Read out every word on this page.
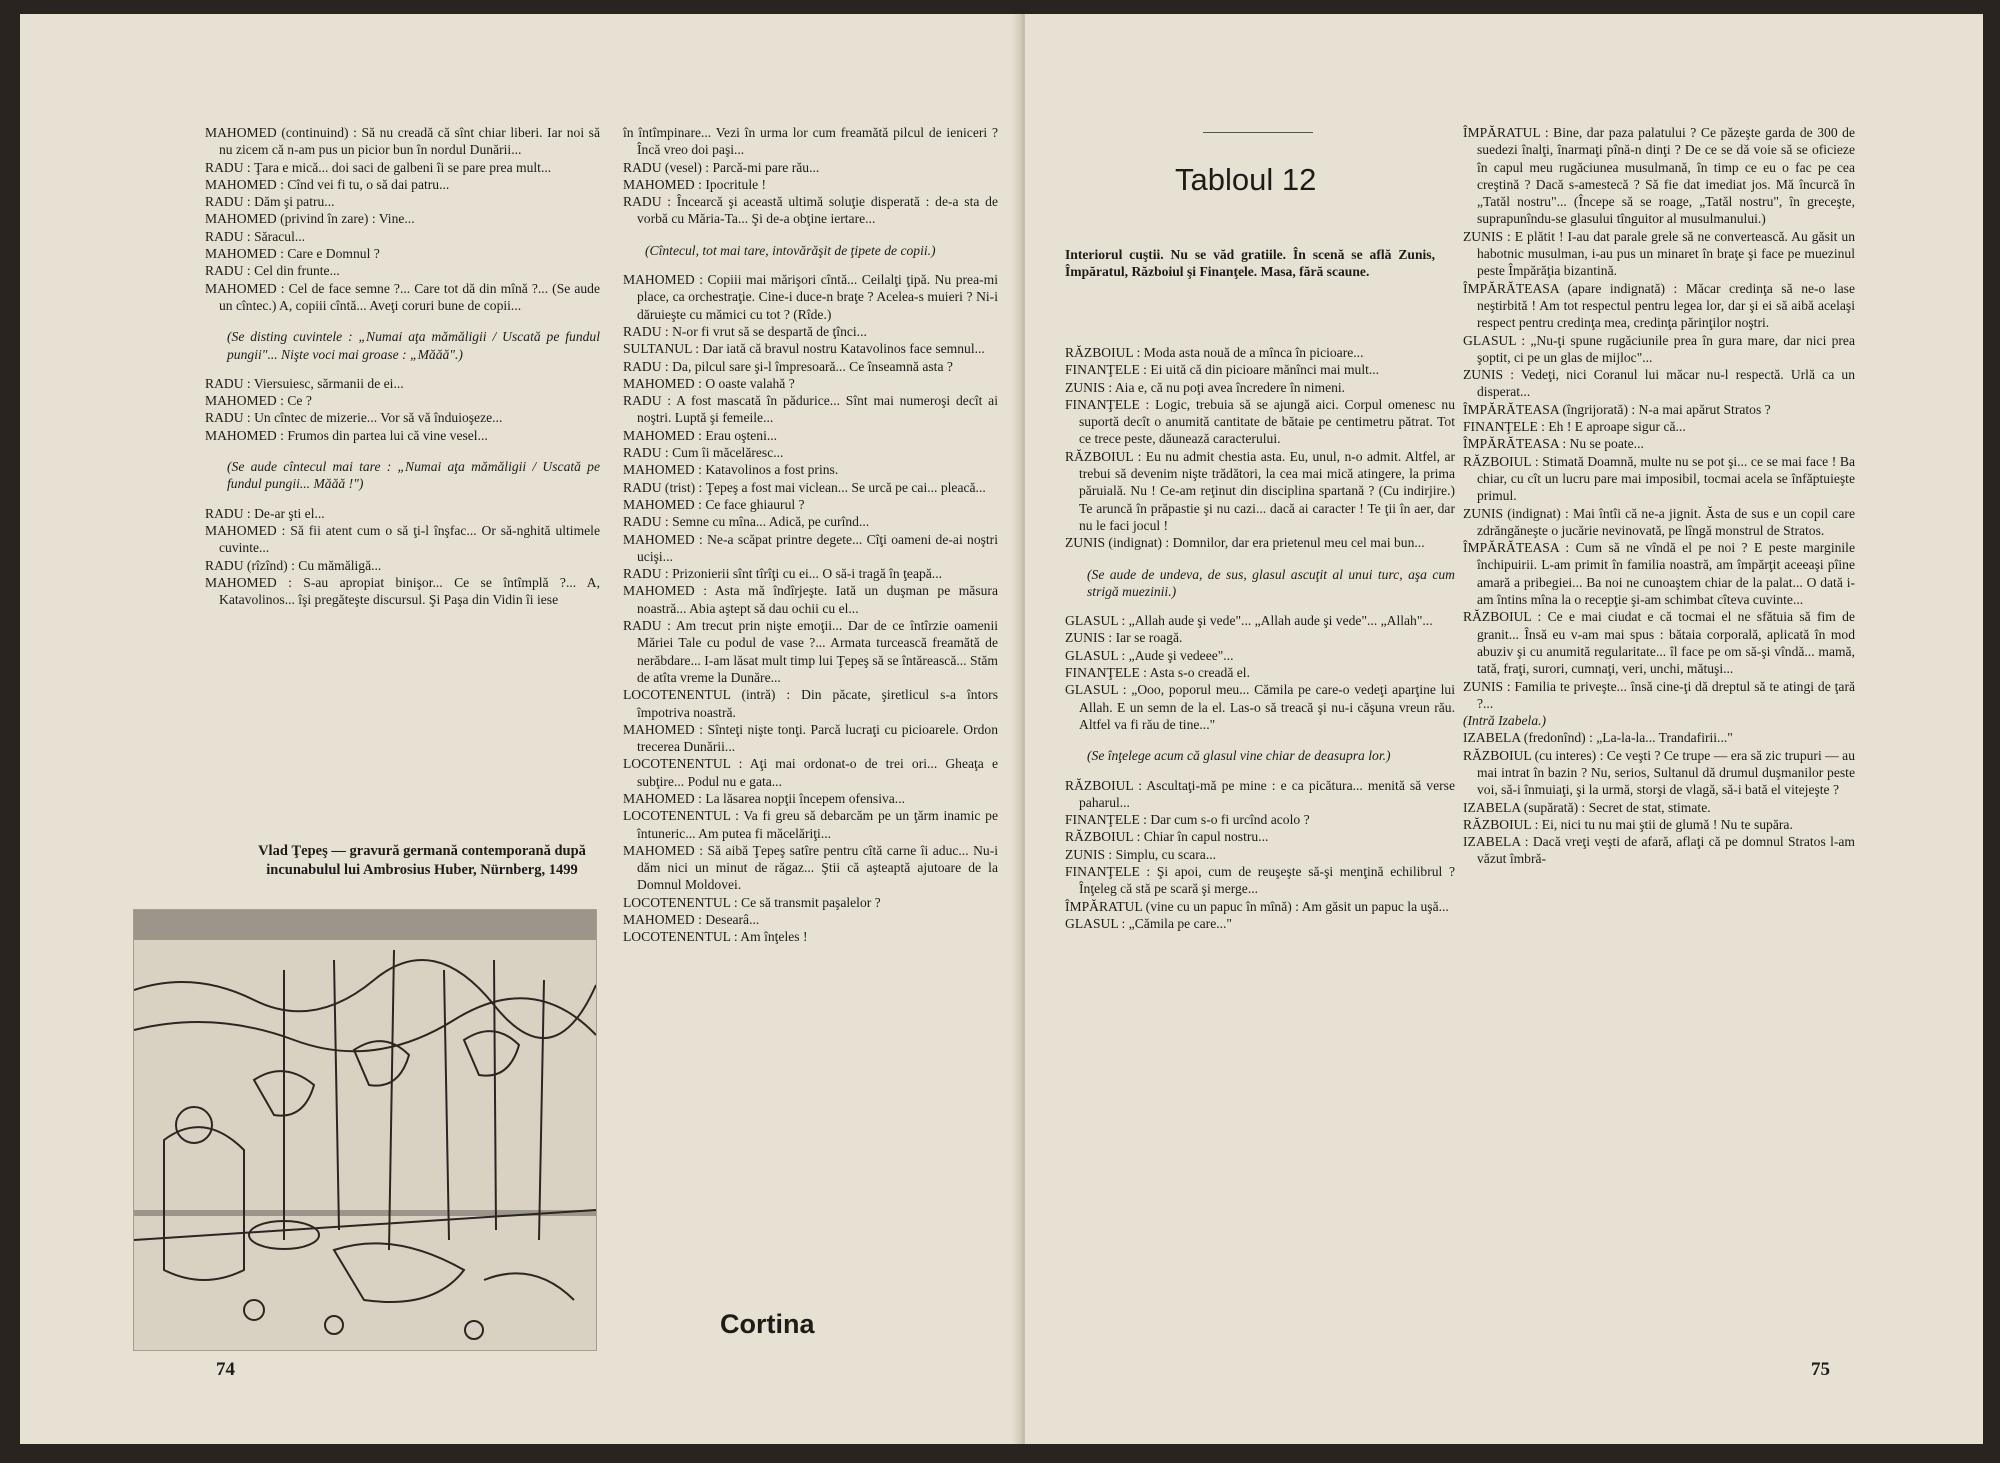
MAHOMED (continuind) : Să nu creadă că sînt chiar liberi. Iar noi să nu zicem că n-am pus un picior bun în nordul Dunării...

RADU : Ţara e mică... doi saci de galbeni îi se pare prea mult...

MAHOMED : Cînd vei fi tu, o să dai patru...

RADU : Dăm şi patru...

MAHOMED (privind în zare) : Vine...

RADU : Săracul...

MAHOMED : Care e Domnul ?

RADU : Cel din frunte...

MAHOMED : Cel de face semne ?... Care tot dă din mînă ?... (Se aude un cîntec.) A, copiii cîntă... Aveţi coruri bune de copii...

(Se disting cuvintele : „Numai aţa mămăligii / Uscată pe fundul pungii"... Nişte voci mai groase : „Măăă".)

RADU : Viersuiesc, sărmanii de ei...

MAHOMED : Ce ?

RADU : Un cîntec de mizerie... Vor să vă înduioşeze...

MAHOMED : Frumos din partea lui că vine vesel...

(Se aude cîntecul mai tare : „Numai aţa mămăligii / Uscată pe fundul pungii... Măăă !")

RADU : De-ar şti el...

MAHOMED : Să fii atent cum o să ţi-l înşfac... Or să-nghită ultimele cuvinte...

RADU (rîzînd) : Cu mămăligă...

MAHOMED : S-au apropiat binişor... Ce se întîmplă ?... A, Katavolinos... îşi pregăteşte discursul. Şi Paşa din Vidin îi iese

Vlad Ţepeş — gravură germană contemporană după incunabulul lui Ambrosius Huber, Nürnberg, 1499

în întîmpinare... Vezi în urma lor cum freamătă pilcul de ieniceri ? Încă vreo doi paşi...

RADU (vesel) : Parcă-mi pare rău...

MAHOMED : Ipocritule !

RADU : Încearcă şi această ultimă soluţie disperată : de-a sta de vorbă cu Măria-Ta... Şi de-a obţine iertare...

(Cîntecul, tot mai tare, intovărăşit de ţipete de copii.)

MAHOMED : Copiii mai mărişori cîntă... Ceilalţi ţipă. Nu prea-mi place, ca orchestraţie. Cine-i duce-n braţe ? Acelea-s muieri ? Ni-i dăruieşte cu mămici cu tot ? (Rîde.)

RADU : N-or fi vrut să se despartă de ţînci...

SULTANUL : Dar iată că bravul nostru Katavolinos face semnul...

RADU : Da, pilcul sare şi-l împresoară... Ce înseamnă asta ?

MAHOMED : O oaste valahă ?

RADU : A fost mascată în pădurice... Sînt mai numeroşi decît ai noştri. Luptă şi femeile...

MAHOMED : Erau oşteni...

RADU : Cum îi măcelăresc...

MAHOMED : Katavolinos a fost prins.

RADU (trist) : Ţepeş a fost mai viclean... Se urcă pe cai... pleacă...

MAHOMED : Ce face ghiaurul ?

RADU : Semne cu mîna... Adică, pe curînd...

MAHOMED : Ne-a scăpat printre degete... Cîţi oameni de-ai noştri ucişi...

RADU : Prizonierii sînt tîrîţi cu ei... O să-i tragă în ţeapă...

MAHOMED : Asta mă îndîrjeşte. Iată un duşman pe măsura noastră... Abia aştept să dau ochii cu el...

RADU : Am trecut prin nişte emoţii... Dar de ce întîrzie oamenii Măriei Tale cu podul de vase ?... Armata turcească freamătă de nerăbdare... I-am lăsat mult timp lui Ţepeş să se întărească... Stăm de atîta vreme la Dunăre...

LOCOTENENTUL (intră) : Din păcate, şiretlicul s-a întors împotriva noastră.

MAHOMED : Sînteţi nişte tonţi. Parcă lucraţi cu picioarele. Ordon trecerea Dunării...

LOCOTENENTUL : Aţi mai ordonat-o de trei ori... Gheaţa e subţire... Podul nu e gata...

MAHOMED : La lăsarea nopţii începem ofensiva...

LOCOTENENTUL : Va fi greu să debarcăm pe un ţărm inamic pe întuneric... Am putea fi măcelăriţi...

MAHOMED : Să aibă Ţepeş satîre pentru cîtă carne îi aduc... Nu-i dăm nici un minut de răgaz... Ştii că aşteaptă ajutoare de la Domnul Moldovei.

LOCOTENENTUL : Ce să transmit paşalelor ?

MAHOMED : Desearâ...

LOCOTENENTUL : Am înţeles !

Cortina
74
Tabloul 12
Interiorul cuştii. Nu se văd gratiile. În scenă se află Zunis, Împăratul, Războiul şi Finanţele. Masa, fără scaune.

RĂZBOIUL : Moda asta nouă de a mînca în picioare...

FINANŢELE : Ei uită că din picioare mănînci mai mult...

ZUNIS : Aia e, că nu poţi avea încredere în nimeni.

FINANŢELE : Logic, trebuia să se ajungă aici. Corpul omenesc nu suportă decît o anumită cantitate de bătaie pe centimetru pătrat. Tot ce trece peste, dăunează caracterului.

RĂZBOIUL : Eu nu admit chestia asta. Eu, unul, n-o admit. Altfel, ar trebui să devenim nişte trădători, la cea mai mică atingere, la prima păruială. Nu ! Ce-am reţinut din disciplina spartană ? (Cu indirjire.) Te aruncă în prăpastie şi nu cazi... dacă ai caracter ! Te ţii în aer, dar nu le faci jocul !

ZUNIS (indignat) : Domnilor, dar era prietenul meu cel mai bun...

(Se aude de undeva, de sus, glasul ascuţit al unui turc, aşa cum strigă muezinii.)

GLASUL : „Allah aude şi vede"... „Allah aude şi vede"... „Allah"...

ZUNIS : Iar se roagă.

GLASUL : „Aude şi vedeee"...

FINANŢELE : Asta s-o creadă el.

GLASUL : „Ooo, poporul meu... Cămila pe care-o vedeţi aparţine lui Allah. E un semn de la el. Las-o să treacă şi nu-i căşuna vreun rău. Altfel va fi rău de tine..."

(Se înţelege acum că glasul vine chiar de deasupra lor.)

RĂZBOIUL : Ascultaţi-mă pe mine : e ca picătura... menită să verse paharul...

FINANŢELE : Dar cum s-o fi urcînd acolo ?

RĂZBOIUL : Chiar în capul nostru...

ZUNIS : Simplu, cu scara...

FINANŢELE : Şi apoi, cum de reuşeşte să-şi menţină echilibrul ? Înţeleg că stă pe scară şi merge...

ÎMPĂRATUL (vine cu un papuc în mînă) : Am găsit un papuc la uşă...

GLASUL : „Cămila pe care..."

ÎMPĂRATUL : Bine, dar paza palatului ? Ce păzeşte garda de 300 de suedezi înalţi, înarmaţi pînă-n dinţi ? De ce se dă voie să se oficieze în capul meu rugăciunea musulmană, în timp ce eu o fac pe cea creştină ? Dacă s-amestecă ? Să fie dat imediat jos. Mă încurcă în „Tatăl nostru"... (Începe să se roage, „Tatăl nostru", în greceşte, suprapunîndu-se glasului tînguitor al musulmanului.)

ZUNIS : E plătit ! I-au dat parale grele să ne convertească. Au găsit un habotnic musulman, i-au pus un minaret în braţe şi face pe muezinul peste Împărăţia bizantină.

ÎMPĂRĂTEASA (apare indignată) : Măcar credinţa să ne-o lase neştirbită ! Am tot respectul pentru legea lor, dar şi ei să aibă acelaşi respect pentru credinţa mea, credinţa părinţilor noştri.

GLASUL : „Nu-ţi spune rugăciunile prea în gura mare, dar nici prea şoptit, ci pe un glas de mijloc"...

ZUNIS : Vedeţi, nici Coranul lui măcar nu-l respectă. Urlă ca un disperat...

ÎMPĂRĂTEASA (îngrijorată) : N-a mai apărut Stratos ?

FINANŢELE : Eh ! E aproape sigur că...

ÎMPĂRĂTEASA : Nu se poate...

RĂZBOIUL : Stimată Doamnă, multe nu se pot şi... ce se mai face ! Ba chiar, cu cît un lucru pare mai imposibil, tocmai acela se înfăptuieşte primul.

ZUNIS (indignat) : Mai întîi că ne-a jignit. Ăsta de sus e un copil care zdrăngăneşte o jucărie nevinovată, pe lîngă monstrul de Stratos.

ÎMPĂRĂTEASA : Cum să ne vîndă el pe noi ? E peste marginile închipuirii. L-am primit în familia noastră, am împărţit aceeaşi pîine amară a pribegiei... Ba noi ne cunoaştem chiar de la palat... O dată i-am întins mîna la o recepţie şi-am schimbat cîteva cuvinte...

RĂZBOIUL : Ce e mai ciudat e că tocmai el ne sfătuia să fim de granit... Însă eu v-am mai spus : bătaia corporală, aplicată în mod abuziv şi cu anumită regularitate... îl face pe om să-şi vîndă... mamă, tată, fraţi, surori, cumnaţi, veri, unchi, mătuşi...

ZUNIS : Familia te priveşte... însă cine-ţi dă dreptul să te atingi de ţară ?...

(Intră Izabela.)

IZABELA (fredonînd) : „La-la-la... Trandafirii..."

RĂZBOIUL (cu interes) : Ce veşti ? Ce trupe — era să zic trupuri — au mai intrat în bazin ? Nu, serios, Sultanul dă drumul duşmanilor peste voi, să-i înmuiaţi, şi la urmă, storşi de vlagă, să-i bată el vitejeşte ?

IZABELA (supărată) : Secret de stat, stimate.

RĂZBOIUL : Ei, nici tu nu mai ştii de glumă ! Nu te supăra.

IZABELA : Dacă vreţi veşti de afară, aflaţi că pe domnul Stratos l-am văzut îmbră-

75
